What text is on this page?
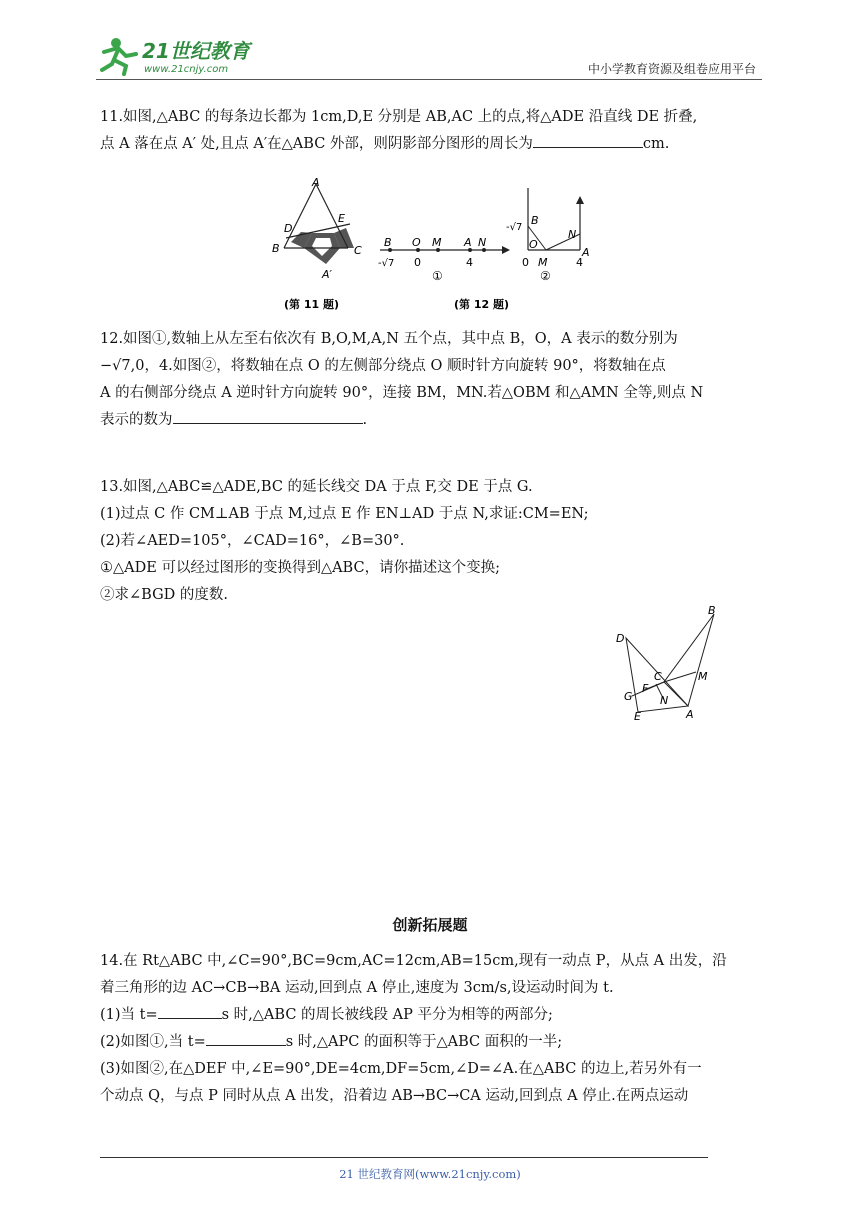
21世纪教育
www.21cnjy.com	中小学教育资源及组卷应用平台
11.如图,△ABC 的每条边长都为 1cm,D,E 分别是 AB,AC 上的点,将△ADE 沿直线 DE 折叠,
点 A 落在点 A′ 处,且点 A′在△ABC 外部，则阴影部分图形的周长为	cm.
A
D
E
B	C
A′
B O M A N
-√7 0	4
①
B
O
M
N
A
-√7
0	4
②
(第 11 题)	(第 12 题)
12.如图①,数轴上从左至右依次有 B,O,M,A,N 五个点，其中点 B，O，A 表示的数分别为
−√7,0，4.如图②，将数轴在点 O 的左侧部分绕点 O 顺时针方向旋转 90°，将数轴在点
A 的右侧部分绕点 A 逆时针方向旋转 90°，连接 BM，MN.若△OBM 和△AMN 全等,则点 N
表示的数为	.
13.如图,△ABC≌△ADE,BC 的延长线交 DA 于点 F,交 DE 于点 G.
(1)过点 C 作 CM⊥AB 于点 M,过点 E 作 EN⊥AD 于点 N,求证:CM=EN;
(2)若∠AED=105°，∠CAD=16°，∠B=30°.
①△ADE 可以经过图形的变换得到△ABC，请你描述这个变换;
②求∠BGD 的度数.
B
D
C
F
M
N
G
E	A
创新拓展题
14.在 Rt△ABC 中,∠C=90°,BC=9cm,AC=12cm,AB=15cm,现有一动点 P，从点 A 出发，沿
着三角形的边 AC→CB→BA 运动,回到点 A 停止,速度为 3cm/s,设运动时间为 t.
(1)当 t=	s 时,△ABC 的周长被线段 AP 平分为相等的两部分;
(2)如图①,当 t=	s 时,△APC 的面积等于△ABC 面积的一半;
(3)如图②,在△DEF 中,∠E=90°,DE=4cm,DF=5cm,∠D=∠A.在△ABC 的边上,若另外有一
个动点 Q，与点 P 同时从点 A 出发，沿着边 AB→BC→CA 运动,回到点 A 停止.在两点运动
21 世纪教育网(www.21cnjy.com)
